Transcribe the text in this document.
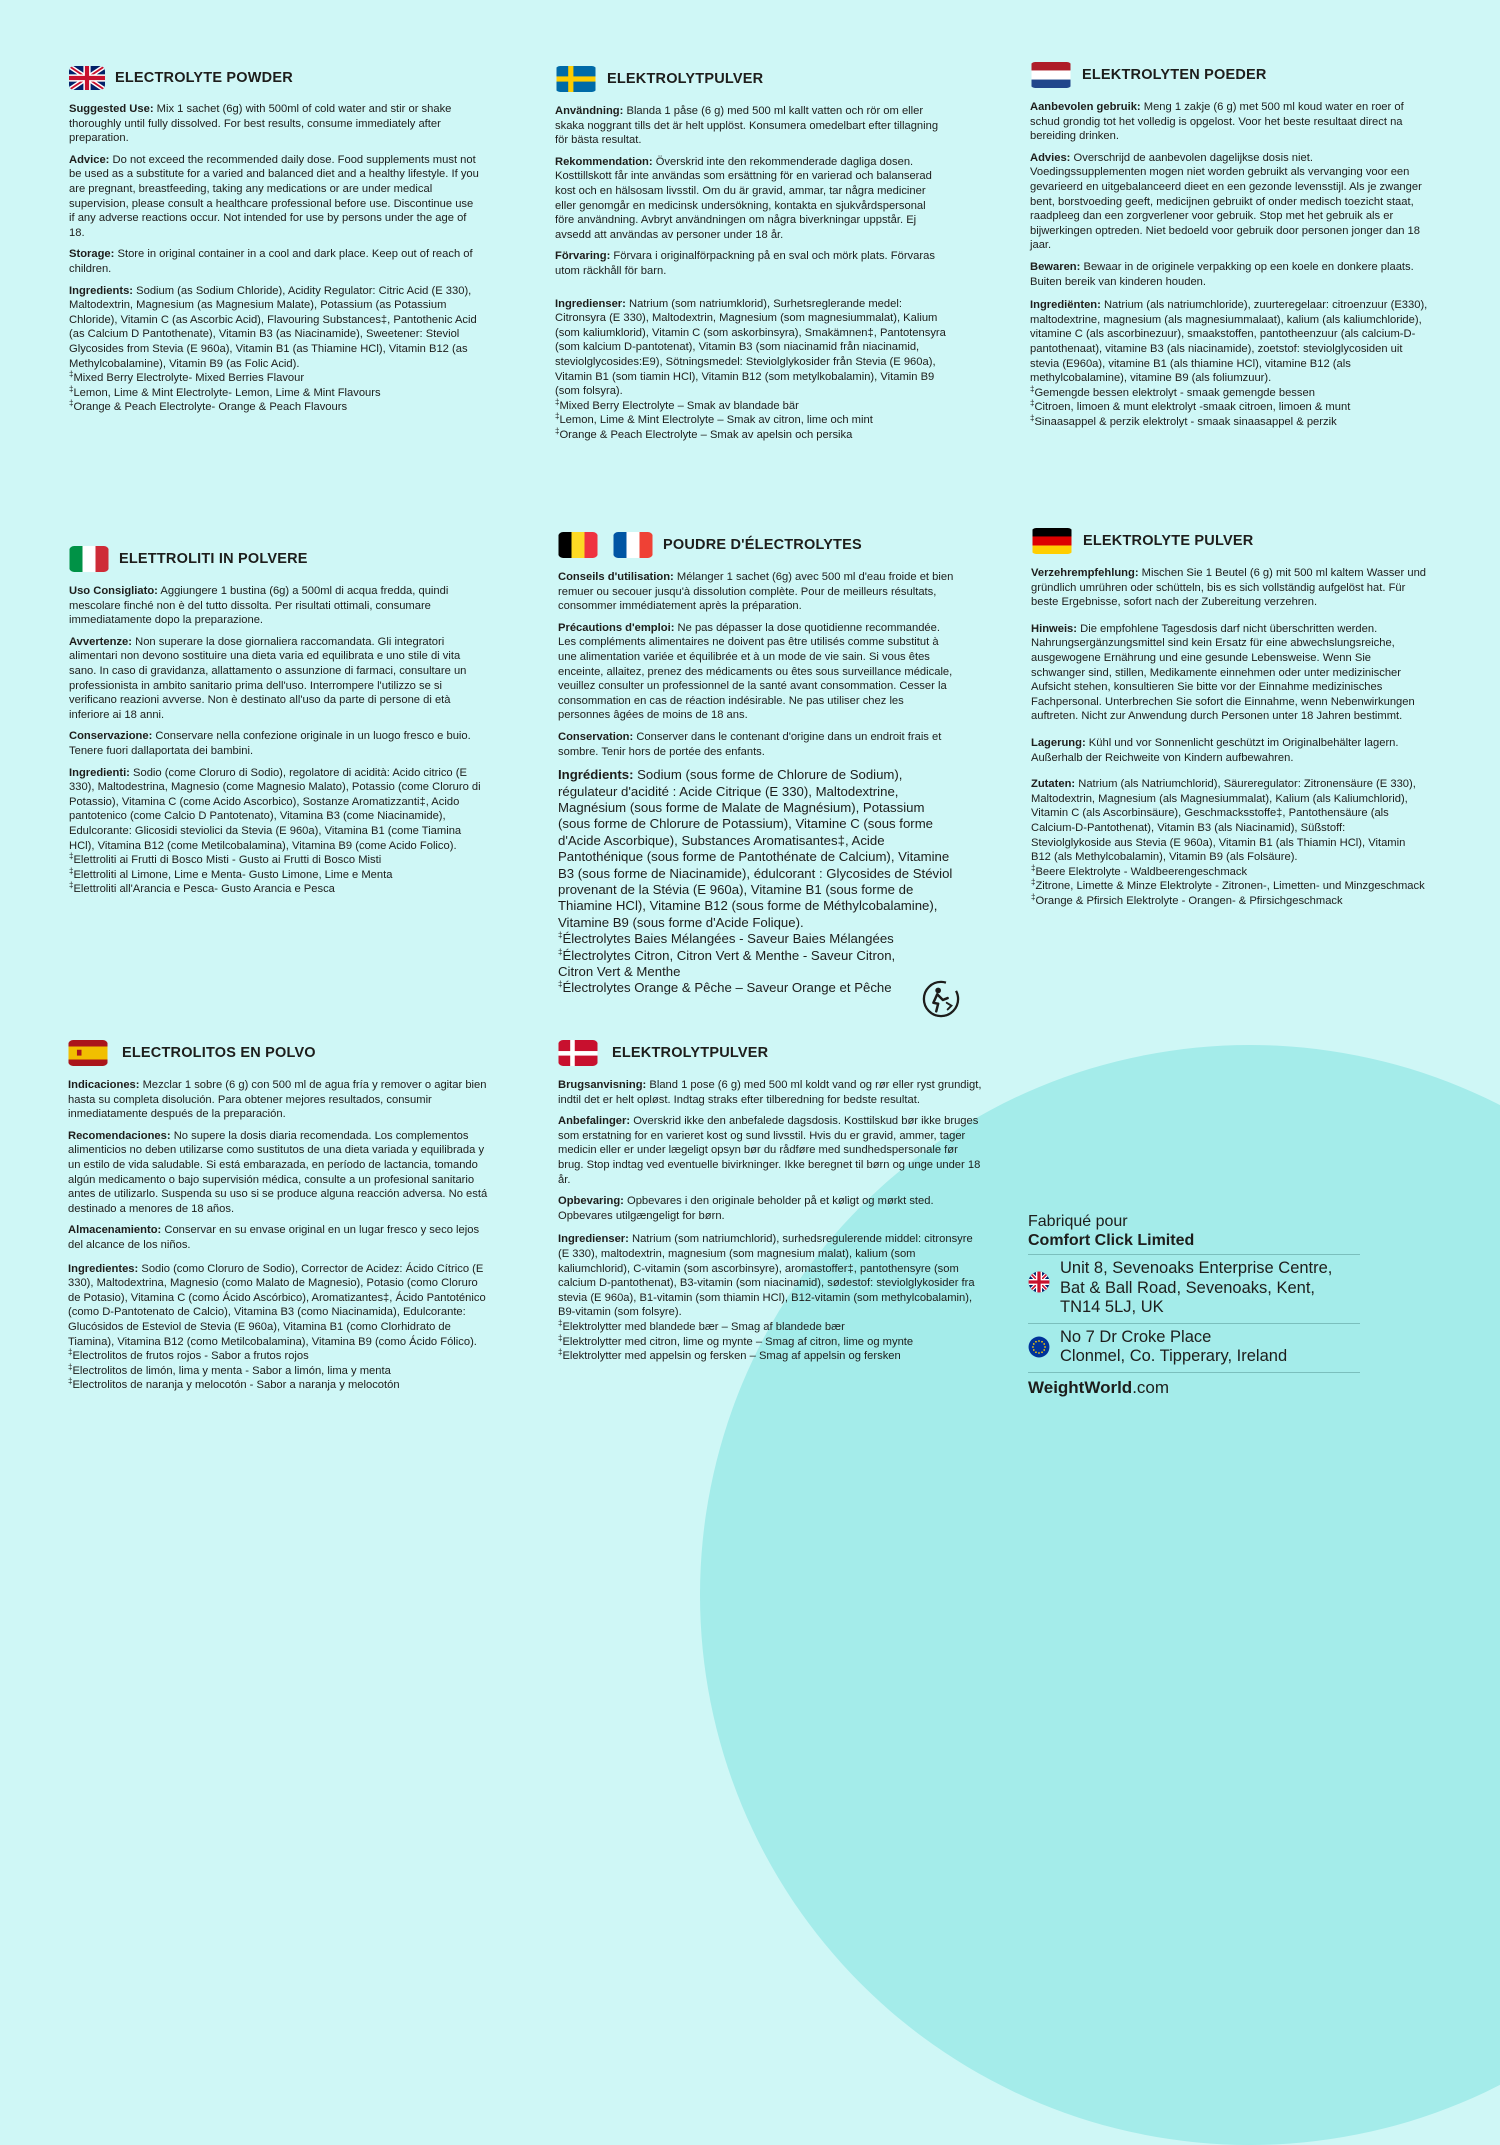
ELECTROLYTE POWDER

Suggested Use: Mix 1 sachet (6g) with 500ml of cold water and stir or shake thoroughly until fully dissolved. For best results, consume immediately after preparation.

Advice: Do not exceed the recommended daily dose. Food supplements must not be used as a substitute for a varied and balanced diet and a healthy lifestyle. If you are pregnant, breastfeeding, taking any medications or are under medical supervision, please consult a healthcare professional before use. Discontinue use if any adverse reactions occur. Not intended for use by persons under the age of 18.

Storage: Store in original container in a cool and dark place. Keep out of reach of children.

Ingredients: Sodium (as Sodium Chloride), Acidity Regulator: Citric Acid (E 330), Maltodextrin, Magnesium (as Magnesium Malate), Potassium (as Potassium Chloride), Vitamin C (as Ascorbic Acid), Flavouring Substances‡, Pantothenic Acid (as Calcium D Pantothenate), Vitamin B3 (as Niacinamide), Sweetener: Steviol Glycosides from Stevia (E 960a), Vitamin B1 (as Thiamine HCl), Vitamin B12 (as Methylcobalamine), Vitamin B9 (as Folic Acid).

‡Mixed Berry Electrolyte- Mixed Berries Flavour
‡Lemon, Lime & Mint Electrolyte- Lemon, Lime & Mint Flavours
‡Orange & Peach Electrolyte- Orange & Peach Flavours
ELEKTROLYTPULVER

Användning: Blanda 1 påse (6 g) med 500 ml kallt vatten och rör om eller skaka noggrant tills det är helt upplöst. Konsumera omedelbart efter tillagning för bästa resultat.

Rekommendation: Överskrid inte den rekommenderade dagliga dosen. Kosttillskott får inte användas som ersättning för en varierad och balanserad kost och en hälsosam livsstil. Om du är gravid, ammar, tar några mediciner eller genomgår en medicinsk undersökning, kontakta en sjukvårdspersonal före användning. Avbryt användningen om några biverkningar uppstår. Ej avsedd att användas av personer under 18 år.

Förvaring: Förvara i originalförpackning på en sval och mörk plats. Förvaras utom räckhåll för barn.

Ingredienser: Natrium (som natriumklorid), Surhetsreglerande medel: Citronsyra (E 330), Maltodextrin, Magnesium (som magnesiummalat), Kalium (som kaliumklorid), Vitamin C (som askorbinsyra), Smakämnen‡, Pantotensyra (som kalcium D-pantotenat), Vitamin B3 (som niacinamid från niacinamid, steviolglycosides:E9), Sötningsmedel: Steviolglykosider från Stevia (E 960a), Vitamin B1 (som tiamin HCl), Vitamin B12 (som metylkobalamin), Vitamin B9 (som folsyra).

‡Mixed Berry Electrolyte – Smak av blandade bär
‡Lemon, Lime & Mint Electrolyte – Smak av citron, lime och mint
‡Orange & Peach Electrolyte – Smak av apelsin och persika
ELEKTROLYTEN POEDER

Aanbevolen gebruik: Meng 1 zakje (6 g) met 500 ml koud water en roer of schud grondig tot het volledig is opgelost. Voor het beste resultaat direct na bereiding drinken.

Advies: Overschrijd de aanbevolen dagelijkse dosis niet. Voedingssupplementen mogen niet worden gebruikt als vervanging voor een gevarieerd en uitgebalanceerd dieet en een gezonde levensstijl. Als je zwanger bent, borstvoeding geeft, medicijnen gebruikt of onder medisch toezicht staat, raadpleeg dan een zorgverlener voor gebruik. Stop met het gebruik als er bijwerkingen optreden. Niet bedoeld voor gebruik door personen jonger dan 18 jaar.

Bewaren: Bewaar in de originele verpakking op een koele en donkere plaats. Buiten bereik van kinderen houden.

Ingrediënten: Natrium (als natriumchloride), zuurteregelaar: citroenzuur (E330), maltodextrine, magnesium (als magnesiummalaat), kalium (als kaliumchloride), vitamine C (als ascorbinezuur), smaakstoffen, pantotheenzuur (als calcium-D-pantothenaat), vitamine B3 (als niacinamide), zoetstof: steviolglycosiden uit stevia (E960a), vitamine B1 (als thiamine HCl), vitamine B12 (als methylcobalamine), vitamine B9 (als foliumzuur).

‡Gemengde bessen elektrolyt - smaak gemengde bessen
‡Citroen, limoen & munt elektrolyt -smaak citroen, limoen & munt
‡Sinaasappel & perzik elektrolyt - smaak sinaasappel & perzik
ELETTROLITI IN POLVERE

Uso Consigliato: Aggiungere 1 bustina (6g) a 500ml di acqua fredda, quindi mescolare finché non è del tutto dissolta. Per risultati ottimali, consumare immediatamente dopo la preparazione.

Avvertenze: Non superare la dose giornaliera raccomandata. Gli integratori alimentari non devono sostituire una dieta varia ed equilibrata e uno stile di vita sano. In caso di gravidanza, allattamento o assunzione di farmaci, consultare un professionista in ambito sanitario prima dell'uso. Interrompere l'utilizzo se si verificano reazioni avverse. Non è destinato all'uso da parte di persone di età inferiore ai 18 anni.

Conservazione: Conservare nella confezione originale in un luogo fresco e buio. Tenere fuori dallaportata dei bambini.

Ingredienti: Sodio (come Cloruro di Sodio), regolatore di acidità: Acido citrico (E 330), Maltodestrina, Magnesio (come Magnesio Malato), Potassio (come Cloruro di Potassio), Vitamina C (come Acido Ascorbico), Sostanze Aromatizzanti‡, Acido pantotenico (come Calcio D Pantotenato), Vitamina B3 (come Niacinamide), Edulcorante: Glicosidi steviolici da Stevia (E 960a), Vitamina B1 (come Tiamina HCl), Vitamina B12 (come Metilcobalamina), Vitamina B9 (come Acido Folico).

‡Elettroliti ai Frutti di Bosco Misti - Gusto ai Frutti di Bosco Misti
‡Elettroliti al Limone, Lime e Menta- Gusto Limone, Lime e Menta
‡Elettroliti all'Arancia e Pesca- Gusto Arancia e Pesca
POUDRE D'ÉLECTROLYTES

Conseils d'utilisation: Mélanger 1 sachet (6g) avec 500 ml d'eau froide et bien remuer ou secouer jusqu'à dissolution complète. Pour de meilleurs résultats, consommer immédiatement après la préparation.

Précautions d'emploi: Ne pas dépasser la dose quotidienne recommandée. Les compléments alimentaires ne doivent pas être utilisés comme substitut à une alimentation variée et équilibrée et à un mode de vie sain. Si vous êtes enceinte, allaitez, prenez des médicaments ou êtes sous surveillance médicale, veuillez consulter un professionnel de la santé avant consommation. Cesser la consommation en cas de réaction indésirable. Ne pas utiliser chez les personnes âgées de moins de 18 ans.

Conservation: Conserver dans le contenant d'origine dans un endroit frais et sombre. Tenir hors de portée des enfants.

Ingrédients: Sodium (sous forme de Chlorure de Sodium), régulateur d'acidité : Acide Citrique (E 330), Maltodextrine, Magnésium (sous forme de Malate de Magnésium), Potassium (sous forme de Chlorure de Potassium), Vitamine C (sous forme d'Acide Ascorbique), Substances Aromatisantes‡, Acide Pantothénique (sous forme de Pantothénate de Calcium), Vitamine B3 (sous forme de Niacinamide), édulcorant : Glycosides de Stéviol provenant de la Stévia (E 960a), Vitamine B1 (sous forme de Thiamine HCl), Vitamine B12 (sous forme de Méthylcobalamine), Vitamine B9 (sous forme d'Acide Folique).

‡Électrolytes Baies Mélangées - Saveur Baies Mélangées
‡Électrolytes Citron, Citron Vert & Menthe - Saveur Citron, Citron Vert & Menthe
‡Électrolytes Orange & Pêche – Saveur Orange et Pêche
ELEKTROLYTE PULVER

Verzehrempfehlung: Mischen Sie 1 Beutel (6 g) mit 500 ml kaltem Wasser und gründlich umrühren oder schütteln, bis es sich vollständig aufgelöst hat. Für beste Ergebnisse, sofort nach der Zubereitung verzehren.

Hinweis: Die empfohlene Tagesdosis darf nicht überschritten werden. Nahrungsergänzungsmittel sind kein Ersatz für eine abwechslungsreiche, ausgewogene Ernährung und eine gesunde Lebensweise. Wenn Sie schwanger sind, stillen, Medikamente einnehmen oder unter medizinischer Aufsicht stehen, konsultieren Sie bitte vor der Einnahme medizinisches Fachpersonal. Unterbrechen Sie sofort die Einnahme, wenn Nebenwirkungen auftreten. Nicht zur Anwendung durch Personen unter 18 Jahren bestimmt.

Lagerung: Kühl und vor Sonnenlicht geschützt im Originalbehälter lagern. Außerhalb der Reichweite von Kindern aufbewahren.

Zutaten: Natrium (als Natriumchlorid), Säureregulator: Zitronensäure (E 330), Maltodextrin, Magnesium (als Magnesiummalat), Kalium (als Kaliumchlorid), Vitamin C (als Ascorbinsäure), Geschmacksstoffe‡, Pantothensäure (als Calcium-D-Pantothenat), Vitamin B3 (als Niacinamid), Süßstoff: Steviolglykoside aus Stevia (E 960a), Vitamin B1 (als Thiamin HCl), Vitamin B12 (als Methylcobalamin), Vitamin B9 (als Folsäure).

‡Beere Elektrolyte - Waldbeerengeschmack
‡Zitrone, Limette & Minze Elektrolyte - Zitronen-, Limetten- und Minzgeschmack
‡Orange & Pfirsich Elektrolyte - Orangen- & Pfirsichgeschmack
ELECTROLITOS EN POLVO

Indicaciones: Mezclar 1 sobre (6 g) con 500 ml de agua fría y remover o agitar bien hasta su completa disolución. Para obtener mejores resultados, consumir inmediatamente después de la preparación.

Recomendaciones: No supere la dosis diaria recomendada. Los complementos alimenticios no deben utilizarse como sustitutos de una dieta variada y equilibrada y un estilo de vida saludable. Si está embarazada, en período de lactancia, tomando algún medicamento o bajo supervisión médica, consulte a un profesional sanitario antes de utilizarlo. Suspenda su uso si se produce alguna reacción adversa. No está destinado a menores de 18 años.

Almacenamiento: Conservar en su envase original en un lugar fresco y seco lejos del alcance de los niños.

Ingredientes: Sodio (como Cloruro de Sodio), Corrector de Acidez: Ácido Cítrico (E 330), Maltodextrina, Magnesio (como Malato de Magnesio), Potasio (como Cloruro de Potasio), Vitamina C (como Ácido Ascórbico), Aromatizantes‡, Ácido Pantoténico (como D-Pantotenato de Calcio), Vitamina B3 (como Niacinamida), Edulcorante: Glucósidos de Esteviol de Stevia (E 960a), Vitamina B1 (como Clorhidrato de Tiamina), Vitamina B12 (como Metilcobalamina), Vitamina B9 (como Ácido Fólico).

‡Electrolitos de frutos rojos - Sabor a frutos rojos
‡Electrolitos de limón, lima y menta - Sabor a limón, lima y menta
‡Electrolitos de naranja y melocotón - Sabor a naranja y melocotón
ELEKTROLYTPULVER

Brugsanvisning: Bland 1 pose (6 g) med 500 ml koldt vand og rør eller ryst grundigt, indtil det er helt opløst. Indtag straks efter tilberedning for bedste resultat.

Anbefalinger: Overskrid ikke den anbefalede dagsdosis. Kosttilskud bør ikke bruges som erstatning for en varieret kost og sund livsstil. Hvis du er gravid, ammer, tager medicin eller er under lægeligt opsyn bør du rådføre med sundhedspersonale før brug. Stop indtag ved eventuelle bivirkninger. Ikke beregnet til børn og unge under 18 år.

Opbevaring: Opbevares i den originale beholder på et køligt og mørkt sted. Opbevares utilgængeligt for børn.

Ingredienser: Natrium (som natriumchlorid), surhedsregulerende middel: citronsyre (E 330), maltodextrin, magnesium (som magnesium malat), kalium (som kaliumchlorid), C-vitamin (som ascorbinsyre), aromastoffer‡, pantothensyre (som calcium D-pantothenat), B3-vitamin (som niacinamid), sødestof: steviolglykosider fra stevia (E 960a), B1-vitamin (som thiamin HCl), B12-vitamin (som methylcobalamin), B9-vitamin (som folsyre).

‡Elektrolytter med blandede bær – Smag af blandede bær
‡Elektrolytter med citron, lime og mynte – Smag af citron, lime og mynte
‡Elektrolytter med appelsin og fersken – Smag af appelsin og fersken
Fabriqué pour
Comfort Click Limited
Unit 8, Sevenoaks Enterprise Centre,
Bat & Ball Road, Sevenoaks, Kent,
TN14 5LJ, UK
No 7 Dr Croke Place
Clonmel, Co. Tipperary, Ireland
WeightWorld.com
